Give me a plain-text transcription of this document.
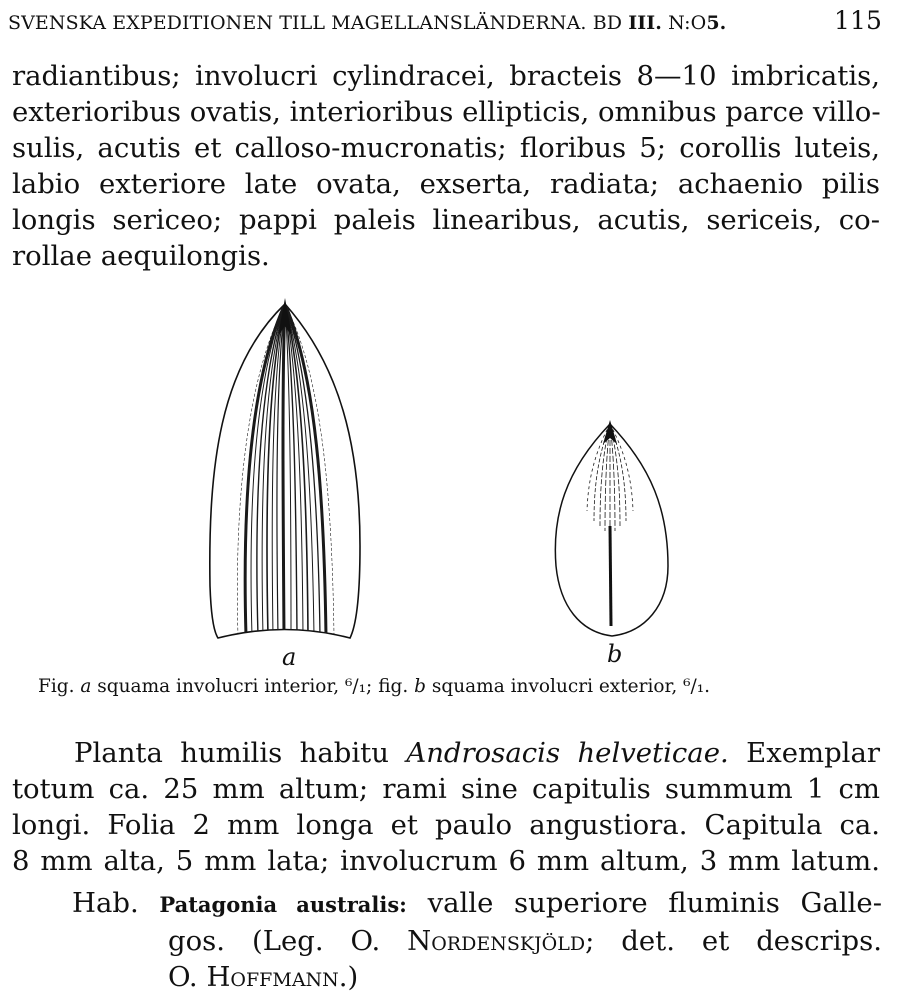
SVENSKA EXPEDITIONEN TILL MAGELLANSLÄNDERNA. BD III. N:O5.	115
radiantibus; involucri cylindracei, bracteis 8—10 imbricatis,
exterioribus ovatis, interioribus ellipticis, omnibus parce villo-
sulis, acutis et calloso-mucronatis; floribus 5; corollis luteis,
labio exteriore late ovata, exserta, radiata; achaenio pilis
longis sericeo; pappi paleis linearibus, acutis, sericeis, co-
rollae aequilongis.
a	b
Fig. a squama involucri interior, ⁶/₁; fig. b squama involucri exterior, ⁶/₁.
Planta humilis habitu Androsacis helveticae. Exemplar
totum ca. 25 mm altum; rami sine capitulis summum 1 cm
longi. Folia 2 mm longa et paulo angustiora. Capitula ca.
8 mm alta, 5 mm lata; involucrum 6 mm altum, 3 mm latum.
Hab. Patagonia australis: valle superiore fluminis Galle-
gos. (Leg. O. Nordenskjöld; det. et descrips.
O. Hoffmann.)
